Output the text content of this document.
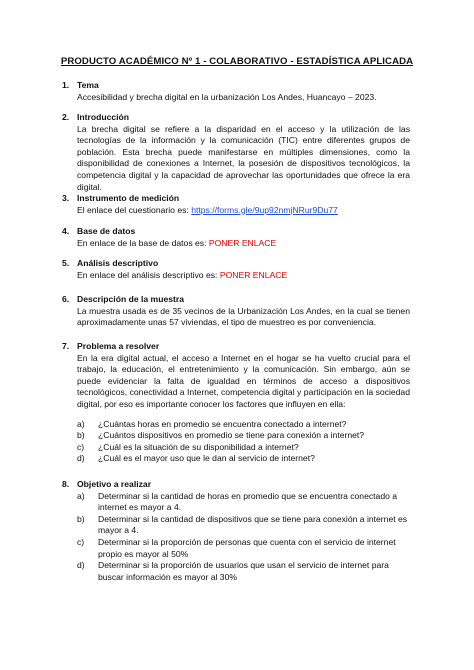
PRODUCTO ACADÉMICO Nº 1 - COLABORATIVO - ESTADÍSTICA APLICADA
1. Tema
Accesibilidad y brecha digital en la urbanización Los Andes, Huancayo – 2023.
2. Introducción
La brecha digital se refiere a la disparidad en el acceso y la utilización de las tecnologías de la información y la comunicación (TIC) entre diferentes grupos de población. Esta brecha puede manifestarse en múltiples dimensiones, como la disponibilidad de conexiones a Internet, la posesión de dispositivos tecnológicos, la competencia digital y la capacidad de aprovechar las oportunidades que ofrece la era digital.
3. Instrumento de medición
El enlace del cuestionario es: https://forms.gle/9up92nmjNRur9Du77
4. Base de datos
En enlace de la base de datos es: PONER ENLACE
5. Análisis descriptivo
En enlace del análisis descriptivo es: PONER ENLACE
6. Descripción de la muestra
La muestra usada es de 35 vecinos de la Urbanización Los Andes, en la cual se tienen aproximadamente unas 57 viviendas, el tipo de muestreo es por conveniencia.
7. Problema a resolver
En la era digital actual, el acceso a Internet en el hogar se ha vuelto crucial para el trabajo, la educación, el entretenimiento y la comunicación. Sin embargo, aún se puede evidenciar la falta de igualdad en términos de acceso a dispositivos tecnológicos, conectividad a Internet, competencia digital y participación en la sociedad digital, por eso es importante conocer los factores que influyen en ella:
a)	¿Cuántas horas en promedio se encuentra conectado a internet?
b)	¿Cuántos dispositivos en promedio se tiene para conexión a internet?
c)	¿Cuál es la situación de su disponibilidad a internet?
d)	¿Cuál es el mayor uso que le dan al servicio de internet?
8. Objetivo a realizar
a)	Determinar si la cantidad de horas en promedio que se encuentra conectado a internet es mayor a 4.
b)	Determinar si la cantidad de dispositivos que se tiene para conexión a internet es mayor a 4.
c)	Determinar si la proporción de personas que cuenta con el servicio de internet propio es mayor al 50%
d)	Determinar si la proporción de usuarios que usan el servicio de internet para buscar información es mayor al 30%
